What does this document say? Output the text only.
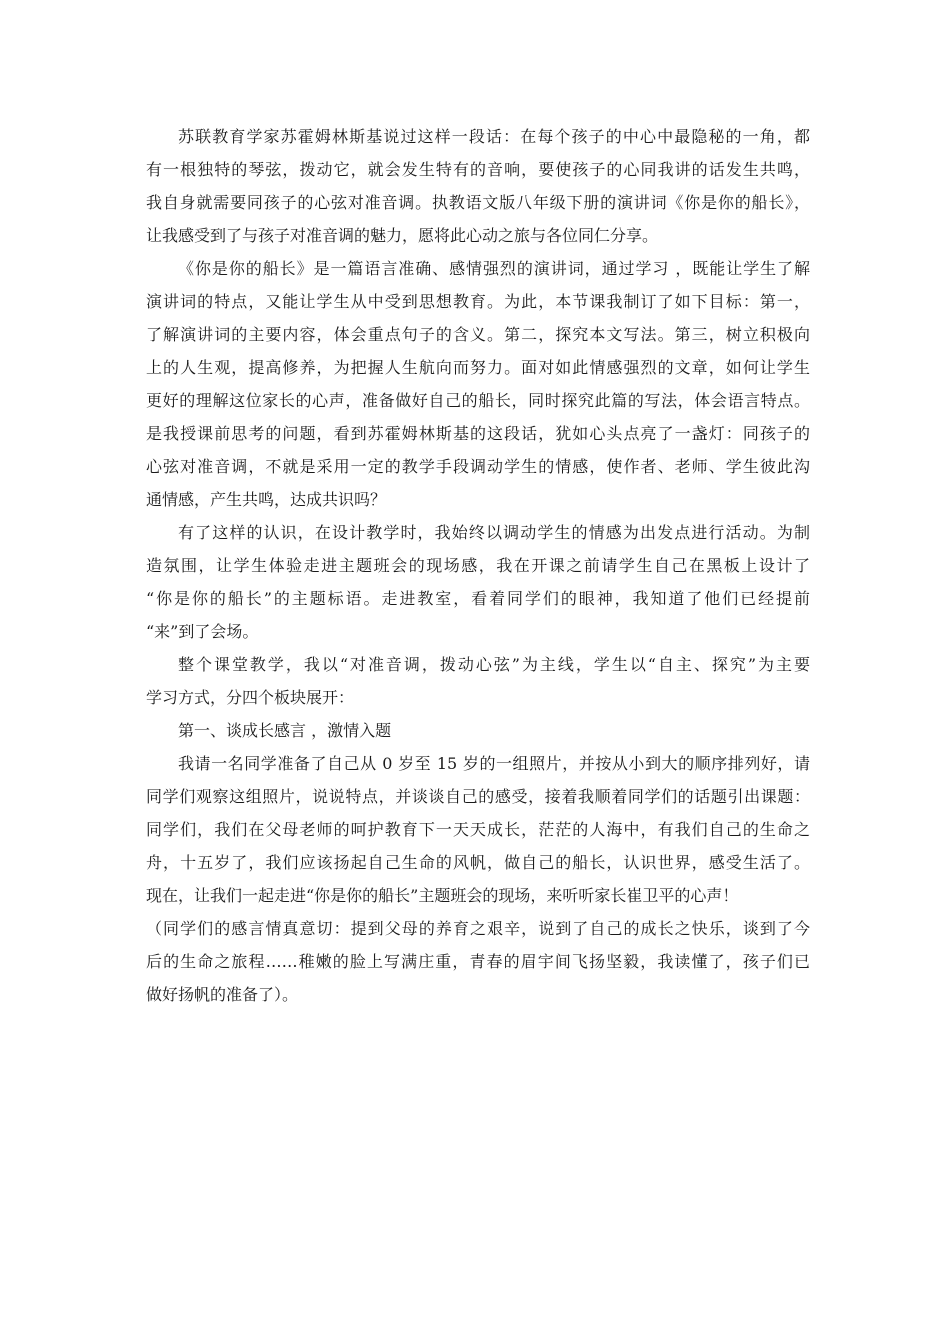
苏联教育学家苏霍姆林斯基说过这样一段话：在每个孩子的中心中最隐秘的一角，都
有一根独特的琴弦，拨动它，就会发生特有的音响，要使孩子的心同我讲的话发生共鸣，
我自身就需要同孩子的心弦对准音调。执教语文版八年级下册的演讲词《你是你的船长》，
让我感受到了与孩子对准音调的魅力，愿将此心动之旅与各位同仁分享。
《你是你的船长》是一篇语言准确、感情强烈的演讲词，通过学习 ，既能让学生了解
演讲词的特点，又能让学生从中受到思想教育。为此，本节课我制订了如下目标：第一，
了解演讲词的主要内容，体会重点句子的含义。第二，探究本文写法。第三，树立积极向
上的人生观，提高修养，为把握人生航向而努力。面对如此情感强烈的文章，如何让学生
更好的理解这位家长的心声，准备做好自己的船长，同时探究此篇的写法，体会语言特点。
是我授课前思考的问题，看到苏霍姆林斯基的这段话，犹如心头点亮了一盏灯：同孩子的
心弦对准音调，不就是采用一定的教学手段调动学生的情感，使作者、老师、学生彼此沟
通情感，产生共鸣，达成共识吗？
有了这样的认识，在设计教学时，我始终以调动学生的情感为出发点进行活动。为制
造氛围，让学生体验走进主题班会的现场感，我在开课之前请学生自己在黑板上设计了
“你是你的船长”的主题标语。走进教室，看着同学们的眼神，我知道了他们已经提前
“来”到了会场。
整个课堂教学，我以“对准音调，拨动心弦”为主线，学生以“自主、探究”为主要
学习方式，分四个板块展开：
第一、谈成长感言 ，激情入题
我请一名同学准备了自己从 0 岁至 15 岁的一组照片，并按从小到大的顺序排列好，请
同学们观察这组照片，说说特点，并谈谈自己的感受，接着我顺着同学们的话题引出课题：
同学们，我们在父母老师的呵护教育下一天天成长，茫茫的人海中，有我们自己的生命之
舟，十五岁了，我们应该扬起自己生命的风帆，做自己的船长，认识世界，感受生活了。
现在，让我们一起走进“你是你的船长”主题班会的现场，来听听家长崔卫平的心声！
（同学们的感言情真意切：提到父母的养育之艰辛，说到了自己的成长之快乐，谈到了今
后的生命之旅程……稚嫩的脸上写满庄重，青春的眉宇间飞扬坚毅，我读懂了，孩子们已
做好扬帆的准备了）。
